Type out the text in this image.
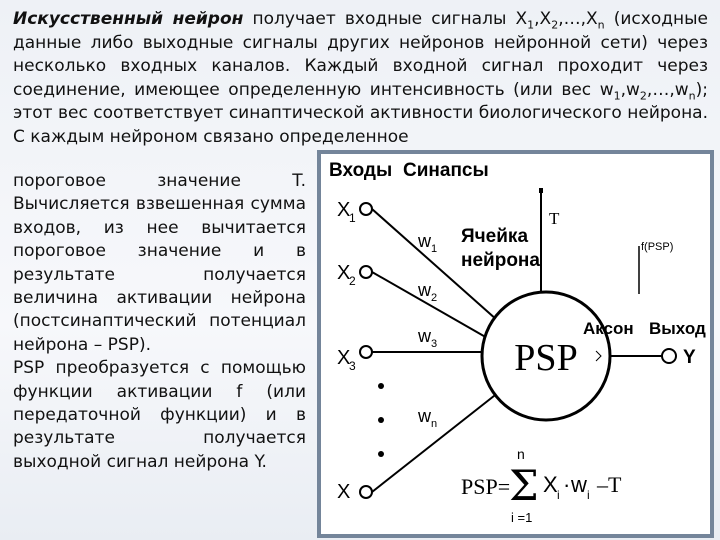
Искусственный нейрон получает входные сигналы $X_1,X_2,\dots,X_n$ (исходные данные либо выходные сигналы других нейронов нейронной сети) через несколько входных каналов. Каждый входной сигнал проходит через соединение, имеющее определенную интенсивность (или вес $w_1,w_2,\dots,w_n$); этот вес соответствует синаптической активности биологического нейрона. С каждым нейроном связано определенное

пороговое значение T. Вычисляется взвешенная сумма входов, из нее вычитается пороговое значение и в результате получается величина активации нейрона (постсинаптический потенциал нейрона – PSP).

PSP преобразуется с помощью функции активации f (или передаточной функции) и в результате получается выходной сигнал нейрона Y.

Входы Синапсы
X
1
X
2
X
3
X
w 1
w 2
w 3
w n
Ячейка
нейрона
PSP
T
f(PSP)
Аксон Выход
Y
PSP=
n
Σ
i =1
X i · w i –T
